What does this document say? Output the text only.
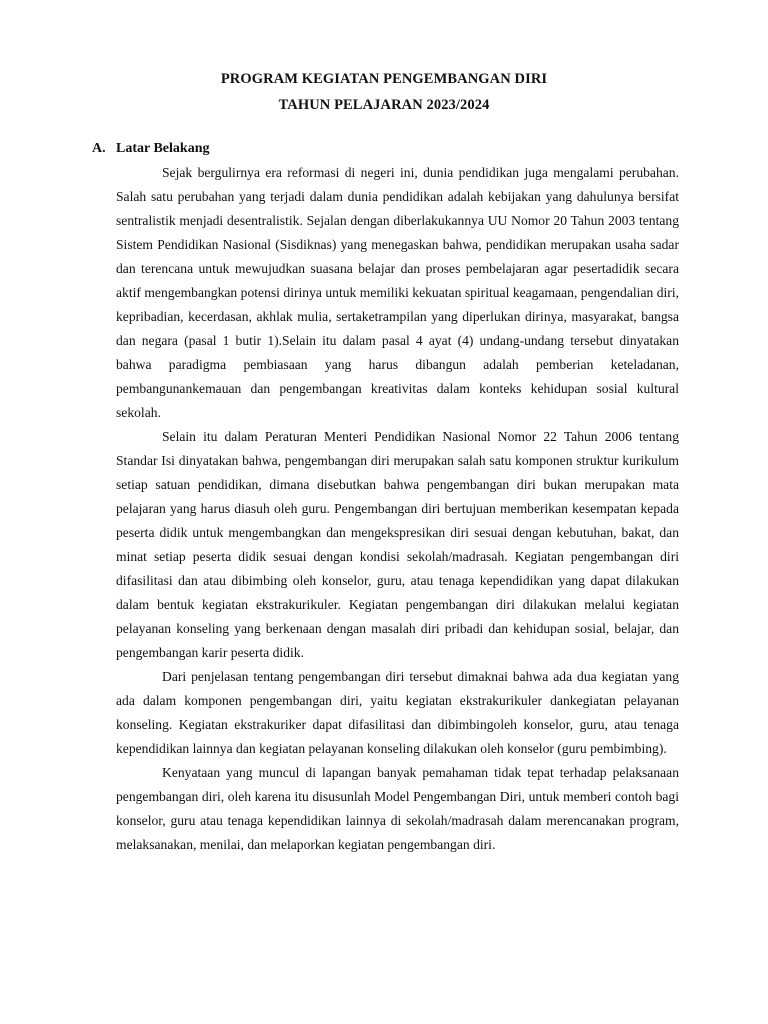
PROGRAM KEGIATAN PENGEMBANGAN DIRI
TAHUN PELAJARAN 2023/2024
A. Latar Belakang

Sejak bergulirnya era reformasi di negeri ini, dunia pendidikan juga mengalami perubahan. Salah satu perubahan yang terjadi dalam dunia pendidikan adalah kebijakan yang dahulunya bersifat sentralistik menjadi desentralistik. Sejalan dengan diberlakukannya UU Nomor 20 Tahun 2003 tentang Sistem Pendidikan Nasional (Sisdiknas) yang menegaskan bahwa, pendidikan merupakan usaha sadar dan terencana untuk mewujudkan suasana belajar dan proses pembelajaran agar pesertadidik secara aktif mengembangkan potensi dirinya untuk memiliki kekuatan spiritual keagamaan, pengendalian diri, kepribadian, kecerdasan, akhlak mulia, sertaketrampilan yang diperlukan dirinya, masyarakat, bangsa dan negara (pasal 1 butir 1).Selain itu dalam pasal 4 ayat (4) undang-undang tersebut dinyatakan bahwa paradigma pembiasaan yang harus dibangun adalah pemberian keteladanan, pembangunankemauan dan pengembangan kreativitas dalam konteks kehidupan sosial kultural sekolah.

Selain itu dalam Peraturan Menteri Pendidikan Nasional Nomor 22 Tahun 2006 tentang Standar Isi dinyatakan bahwa, pengembangan diri merupakan salah satu komponen struktur kurikulum setiap satuan pendidikan, dimana disebutkan bahwa pengembangan diri bukan merupakan mata pelajaran yang harus diasuh oleh guru. Pengembangan diri bertujuan memberikan kesempatan kepada peserta didik untuk mengembangkan dan mengekspresikan diri sesuai dengan kebutuhan, bakat, dan minat setiap peserta didik sesuai dengan kondisi sekolah/madrasah. Kegiatan pengembangan diri difasilitasi dan atau dibimbing oleh konselor, guru, atau tenaga kependidikan yang dapat dilakukan dalam bentuk kegiatan ekstrakurikuler. Kegiatan pengembangan diri dilakukan melalui kegiatan pelayanan konseling yang berkenaan dengan masalah diri pribadi dan kehidupan sosial, belajar, dan pengembangan karir peserta didik.

Dari penjelasan tentang pengembangan diri tersebut dimaknai bahwa ada dua kegiatan yang ada dalam komponen pengembangan diri, yaitu kegiatan ekstrakurikuler dankegiatan pelayanan konseling. Kegiatan ekstrakuriker dapat difasilitasi dan dibimbingoleh konselor, guru, atau tenaga kependidikan lainnya dan kegiatan pelayanan konseling dilakukan oleh konselor (guru pembimbing).

Kenyataan yang muncul di lapangan banyak pemahaman tidak tepat terhadap pelaksanaan pengembangan diri, oleh karena itu disusunlah Model Pengembangan Diri, untuk memberi contoh bagi konselor, guru atau tenaga kependidikan lainnya di sekolah/madrasah dalam merencanakan program, melaksanakan, menilai, dan melaporkan kegiatan pengembangan diri.
